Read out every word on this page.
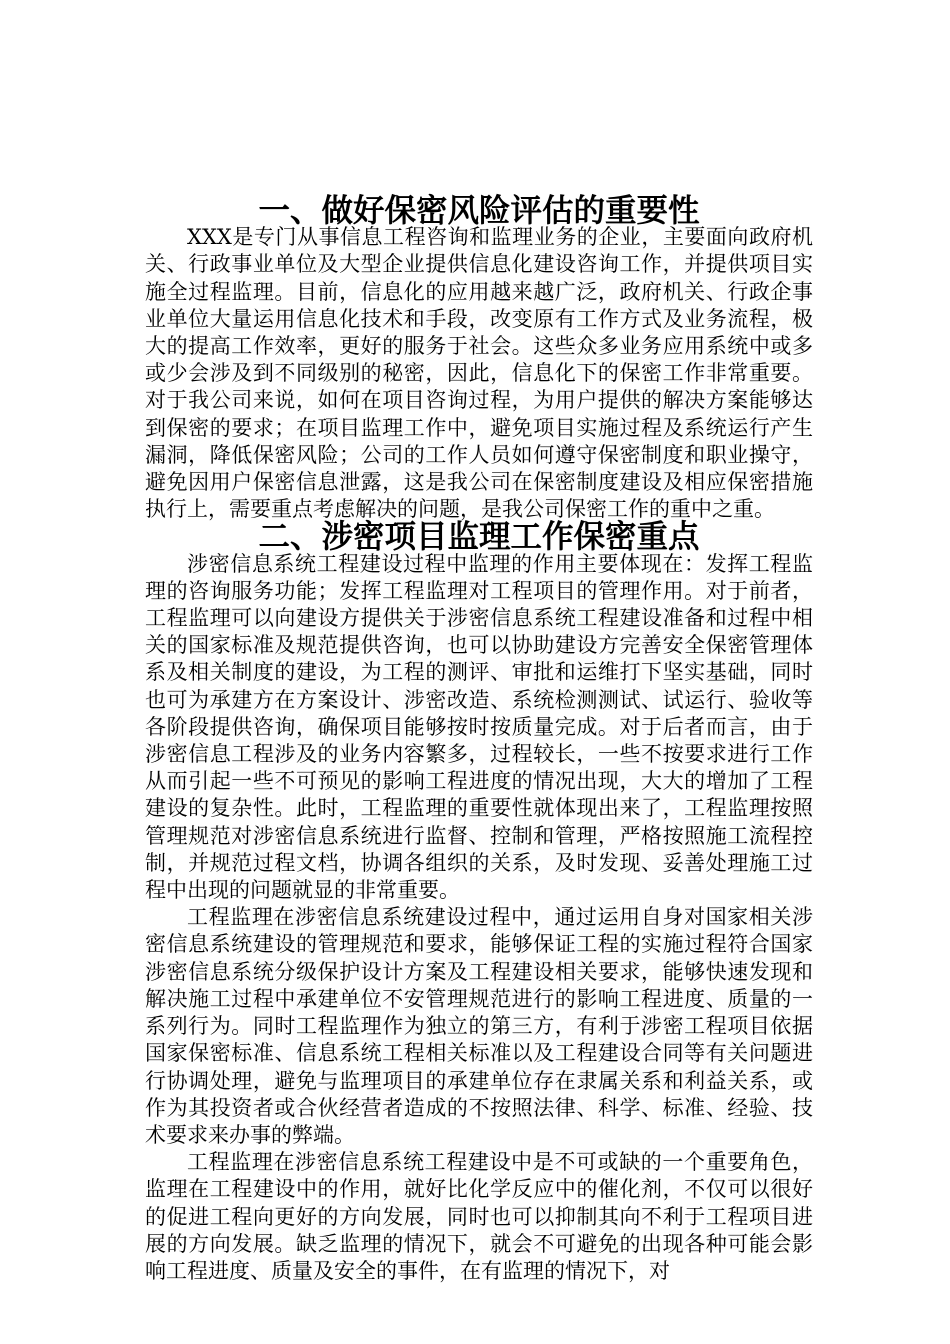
一、做好保密风险评估的重要性

XXX是专门从事信息工程咨询和监理业务的企业，主要面向政府机关、行政事业单位及大型企业提供信息化建设咨询工作，并提供项目实施全过程监理。目前，信息化的应用越来越广泛，政府机关、行政企事业单位大量运用信息化技术和手段，改变原有工作方式及业务流程，极大的提高工作效率，更好的服务于社会。这些众多业务应用系统中或多或少会涉及到不同级别的秘密，因此，信息化下的保密工作非常重要。对于我公司来说，如何在项目咨询过程，为用户提供的解决方案能够达到保密的要求；在项目监理工作中，避免项目实施过程及系统运行产生漏洞，降低保密风险；公司的工作人员如何遵守保密制度和职业操守，避免因用户保密信息泄露，这是我公司在保密制度建设及相应保密措施执行上，需要重点考虑解决的问题，是我公司保密工作的重中之重。

二、涉密项目监理工作保密重点

涉密信息系统工程建设过程中监理的作用主要体现在：发挥工程监理的咨询服务功能；发挥工程监理对工程项目的管理作用。对于前者，工程监理可以向建设方提供关于涉密信息系统工程建设准备和过程中相关的国家标准及规范提供咨询，也可以协助建设方完善安全保密管理体系及相关制度的建设，为工程的测评、审批和运维打下坚实基础，同时也可为承建方在方案设计、涉密改造、系统检测测试、试运行、验收等各阶段提供咨询，确保项目能够按时按质量完成。对于后者而言，由于涉密信息工程涉及的业务内容繁多，过程较长，一些不按要求进行工作从而引起一些不可预见的影响工程进度的情况出现，大大的增加了工程建设的复杂性。此时，工程监理的重要性就体现出来了，工程监理按照管理规范对涉密信息系统进行监督、控制和管理，严格按照施工流程控制，并规范过程文档，协调各组织的关系，及时发现、妥善处理施工过程中出现的问题就显的非常重要。

工程监理在涉密信息系统建设过程中，通过运用自身对国家相关涉密信息系统建设的管理规范和要求，能够保证工程的实施过程符合国家涉密信息系统分级保护设计方案及工程建设相关要求，能够快速发现和解决施工过程中承建单位不安管理规范进行的影响工程进度、质量的一系列行为。同时工程监理作为独立的第三方，有利于涉密工程项目依据国家保密标准、信息系统工程相关标准以及工程建设合同等有关问题进行协调处理，避免与监理项目的承建单位存在隶属关系和利益关系，或作为其投资者或合伙经营者造成的不按照法律、科学、标准、经验、技术要求来办事的弊端。

工程监理在涉密信息系统工程建设中是不可或缺的一个重要角色，监理在工程建设中的作用，就好比化学反应中的催化剂，不仅可以很好的促进工程向更好的方向发展，同时也可以抑制其向不利于工程项目进展的方向发展。缺乏监理的情况下，就会不可避免的出现各种可能会影响工程进度、质量及安全的事件，在有监理的情况下，对
